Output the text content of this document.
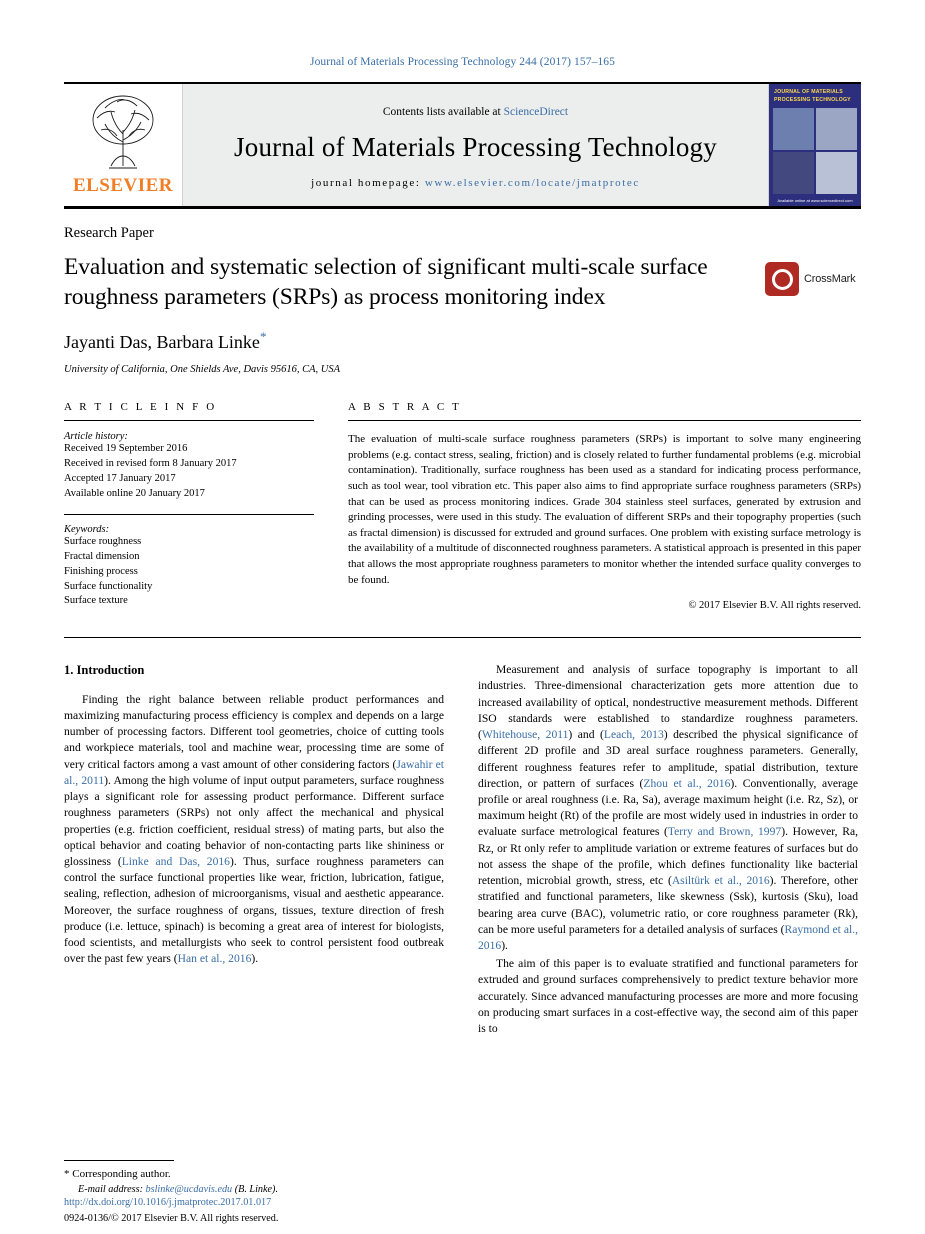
Journal of Materials Processing Technology 244 (2017) 157–165
ELSEVIER
Contents lists available at ScienceDirect
Journal of Materials Processing Technology
journal homepage: www.elsevier.com/locate/jmatprotec
JOURNAL OF MATERIALS PROCESSING TECHNOLOGY
Available online at www.sciencedirect.com
Research Paper
Evaluation and systematic selection of significant multi-scale surface roughness parameters (SRPs) as process monitoring index
Jayanti Das, Barbara Linke*
University of California, One Shields Ave, Davis 95616, CA, USA
CrossMark
A R T I C L E I N F O
Article history:
Received 19 September 2016
Received in revised form 8 January 2017
Accepted 17 January 2017
Available online 20 January 2017
Keywords:
Surface roughness
Fractal dimension
Finishing process
Surface functionality
Surface texture
A B S T R A C T
The evaluation of multi-scale surface roughness parameters (SRPs) is important to solve many engineering problems (e.g. contact stress, sealing, friction) and is closely related to further fundamental problems (e.g. microbial contamination). Traditionally, surface roughness has been used as a standard for indicating process performance, such as tool wear, tool vibration etc. This paper also aims to find appropriate surface roughness parameters (SRPs) that can be used as process monitoring indices. Grade 304 stainless steel surfaces, generated by extrusion and grinding processes, were used in this study. The evaluation of different SRPs and their topography properties (such as fractal dimension) is discussed for extruded and ground surfaces. One problem with existing surface metrology is the availability of a multitude of disconnected roughness parameters. A statistical approach is presented in this paper that allows the most appropriate roughness parameters to monitor whether the intended surface quality converges to be found.
© 2017 Elsevier B.V. All rights reserved.
1. Introduction

Finding the right balance between reliable product performances and maximizing manufacturing process efficiency is complex and depends on a large number of processing factors. Different tool geometries, choice of cutting tools and workpiece materials, tool and machine wear, processing time are some of very critical factors among a vast amount of other considering factors (Jawahir et al., 2011). Among the high volume of input output parameters, surface roughness plays a significant role for assessing product performance. Different surface roughness parameters (SRPs) not only affect the mechanical and physical properties (e.g. friction coefficient, residual stress) of mating parts, but also the optical behavior and coating behavior of non-contacting parts like shininess or glossiness (Linke and Das, 2016). Thus, surface roughness parameters can control the surface functional properties like wear, friction, lubrication, fatigue, sealing, reflection, adhesion of microorganisms, visual and aesthetic appearance. Moreover, the surface roughness of organs, tissues, texture direction of fresh produce (i.e. lettuce, spinach) is becoming a great area of interest for biologists, food scientists, and metallurgists who seek to control persistent food outbreak over the past few years (Han et al., 2016).

Measurement and analysis of surface topography is important to all industries. Three-dimensional characterization gets more attention due to increased availability of optical, nondestructive measurement methods. Different ISO standards were established to standardize roughness parameters. (Whitehouse, 2011) and (Leach, 2013) described the physical significance of different 2D profile and 3D areal surface roughness parameters. Generally, different roughness features refer to amplitude, spatial distribution, texture direction, or pattern of surfaces (Zhou et al., 2016). Conventionally, average profile or areal roughness (i.e. Ra, Sa), average maximum height (i.e. Rz, Sz), or maximum height (Rt) of the profile are most widely used in industries in order to evaluate surface metrological features (Terry and Brown, 1997). However, Ra, Rz, or Rt only refer to amplitude variation or extreme features of surfaces but do not assess the shape of the profile, which defines functionality like bacterial retention, microbial growth, stress, etc (Asiltürk et al., 2016). Therefore, other stratified and functional parameters, like skewness (Ssk), kurtosis (Sku), load bearing area curve (BAC), volumetric ratio, or core roughness parameter (Rk), can be more useful parameters for a detailed analysis of surfaces (Raymond et al., 2016).

The aim of this paper is to evaluate stratified and functional parameters for extruded and ground surfaces comprehensively to predict texture behavior more accurately. Since advanced manufacturing processes are more and more focusing on producing smart surfaces in a cost-effective way, the second aim of this paper is to

* Corresponding author.
E-mail address: bslinke@ucdavis.edu (B. Linke).
http://dx.doi.org/10.1016/j.jmatprotec.2017.01.017
0924-0136/© 2017 Elsevier B.V. All rights reserved.
